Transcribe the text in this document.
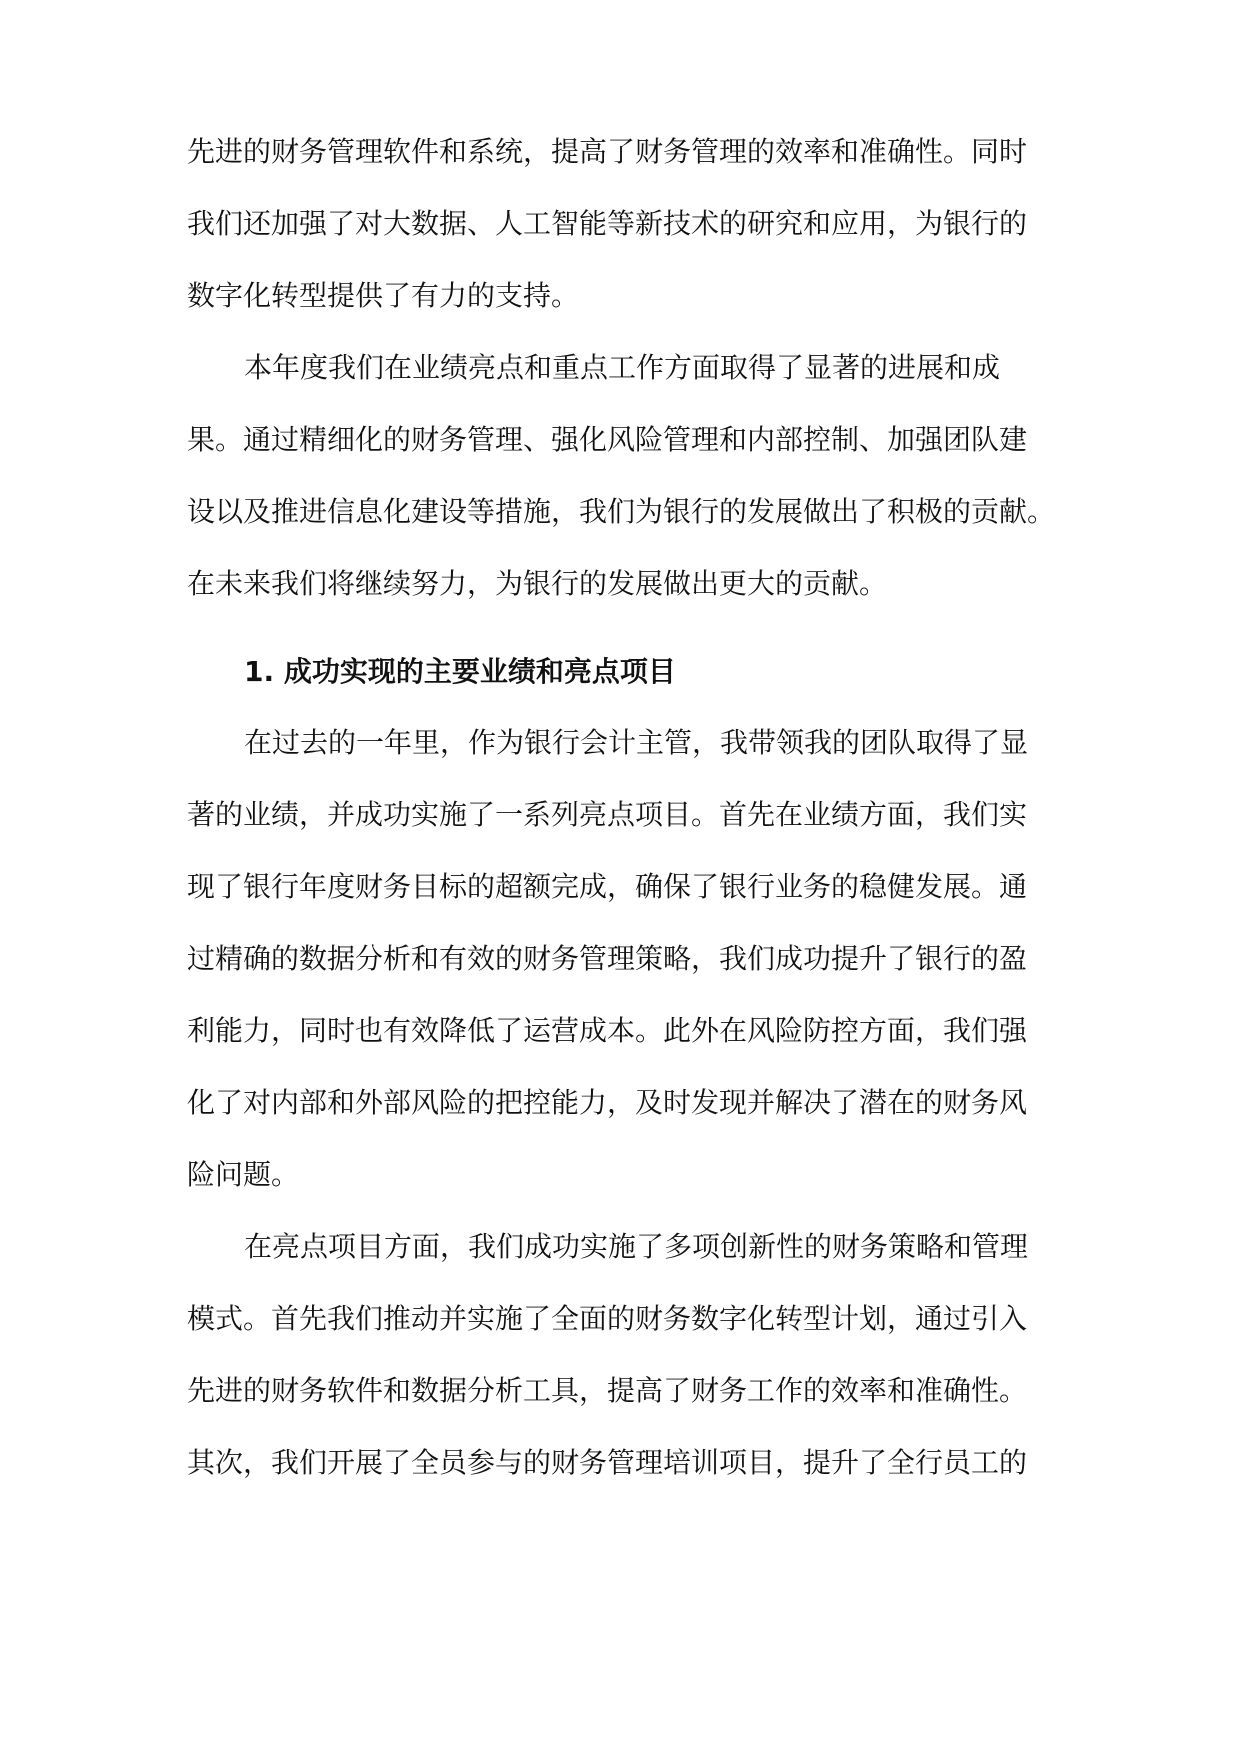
先进的财务管理软件和系统，提高了财务管理的效率和准确性。同时
我们还加强了对大数据、人工智能等新技术的研究和应用，为银行的
数字化转型提供了有力的支持。
本年度我们在业绩亮点和重点工作方面取得了显著的进展和成
果。通过精细化的财务管理、强化风险管理和内部控制、加强团队建
设以及推进信息化建设等措施，我们为银行的发展做出了积极的贡献。
在未来我们将继续努力，为银行的发展做出更大的贡献。
1. 成功实现的主要业绩和亮点项目
在过去的一年里，作为银行会计主管，我带领我的团队取得了显
著的业绩，并成功实施了一系列亮点项目。首先在业绩方面，我们实
现了银行年度财务目标的超额完成，确保了银行业务的稳健发展。通
过精确的数据分析和有效的财务管理策略，我们成功提升了银行的盈
利能力，同时也有效降低了运营成本。此外在风险防控方面，我们强
化了对内部和外部风险的把控能力，及时发现并解决了潜在的财务风
险问题。
在亮点项目方面，我们成功实施了多项创新性的财务策略和管理
模式。首先我们推动并实施了全面的财务数字化转型计划，通过引入
先进的财务软件和数据分析工具，提高了财务工作的效率和准确性。
其次，我们开展了全员参与的财务管理培训项目，提升了全行员工的
